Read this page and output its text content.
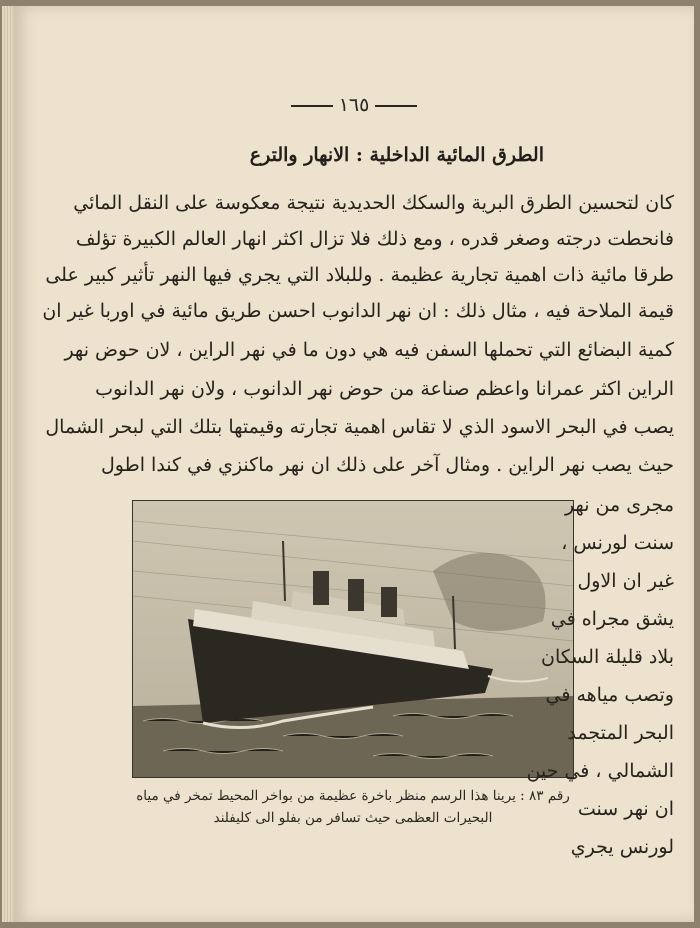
١٦٥
الطرق المائية الداخلية : الانهار والترع
كان لتحسين الطرق البرية والسكك الحديدية نتيجة معكوسة على النقل المائي
فانحطت درجته وصغر قدره ، ومع ذلك فلا تزال اكثر انهار العالم الكبيرة تؤلف
طرقا مائية ذات اهمية تجارية عظيمة . وللبلاد التي يجري فيها النهر تأثير كبير على
قيمة الملاحة فيه ، مثال ذلك : ان نهر الدانوب احسن طريق مائية في اوربا غير ان
كمية البضائع التي تحملها السفن فيه هي دون ما في نهر الراين ، لان حوض نهر
الراين اكثر عمرانا واعظم صناعة من حوض نهر الدانوب ، ولان نهر الدانوب
يصب في البحر الاسود الذي لا تقاس اهمية تجارته وقيمتها بتلك التي لبحر الشمال
حيث يصب نهر الراين . ومثال آخر على ذلك ان نهر ماكنزي في كندا اطول
رقم ٨٣ : يرينا هذا الرسم منظر باخرة عظيمة من بواخر المحيط تمخر في مياه
البحيرات العظمى حيث تسافر من بفلو الى كليفلند
مجرى من نهر
سنت لورنس ،
غير ان الاول
يشق مجراه في
بلاد قليلة السكان
وتصب مياهه في
البحر المتجمد
الشمالي ، في حين
ان نهر سنت
لورنس يجري
